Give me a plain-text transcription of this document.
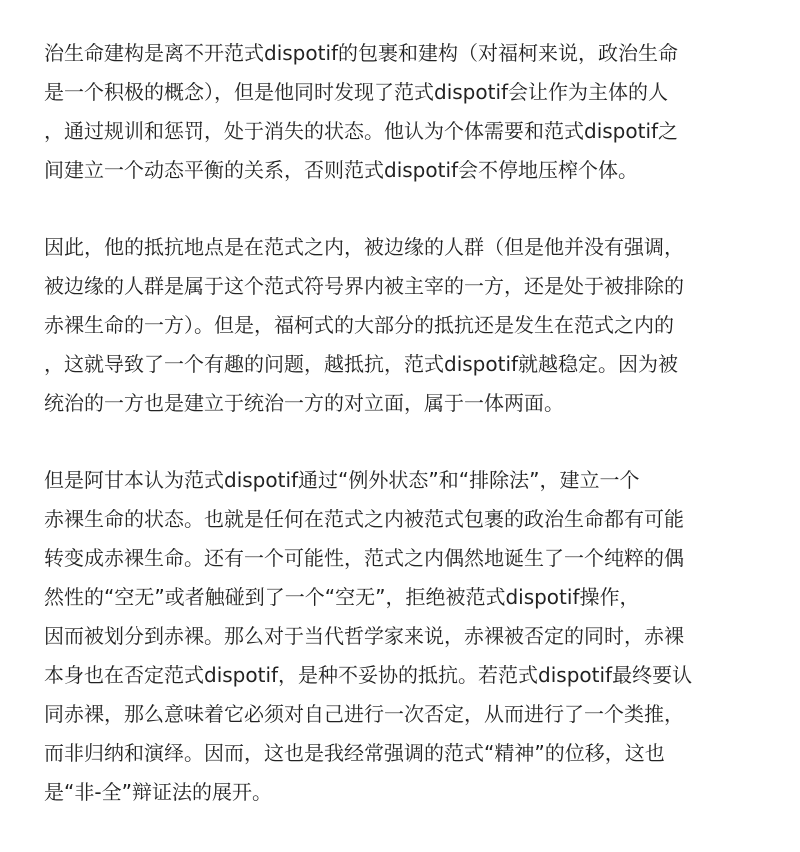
治生命建构是离不开范式dispotif的包裹和建构（对福柯来说，政治生命
是一个积极的概念），但是他同时发现了范式dispotif会让作为主体的人
，通过规训和惩罚，处于消失的状态。他认为个体需要和范式dispotif之
间建立一个动态平衡的关系，否则范式dispotif会不停地压榨个体。
因此，他的抵抗地点是在范式之内，被边缘的人群（但是他并没有强调，
被边缘的人群是属于这个范式符号界内被主宰的一方，还是处于被排除的
赤裸生命的一方）。但是，福柯式的大部分的抵抗还是发生在范式之内的
，这就导致了一个有趣的问题，越抵抗，范式dispotif就越稳定。因为被
统治的一方也是建立于统治一方的对立面，属于一体两面。
但是阿甘本认为范式dispotif通过“例外状态”和“排除法”，建立一个
赤裸生命的状态。也就是任何在范式之内被范式包裹的政治生命都有可能
转变成赤裸生命。还有一个可能性，范式之内偶然地诞生了一个纯粹的偶
然性的“空无”或者触碰到了一个“空无”，拒绝被范式dispotif操作，
因而被划分到赤裸。那么对于当代哲学家来说，赤裸被否定的同时，赤裸
本身也在否定范式dispotif，是种不妥协的抵抗。若范式dispotif最终要认
同赤裸，那么意味着它必须对自己进行一次否定，从而进行了一个类推，
而非归纳和演绎。因而，这也是我经常强调的范式“精神”的位移，这也
是“非-全”辩证法的展开。
